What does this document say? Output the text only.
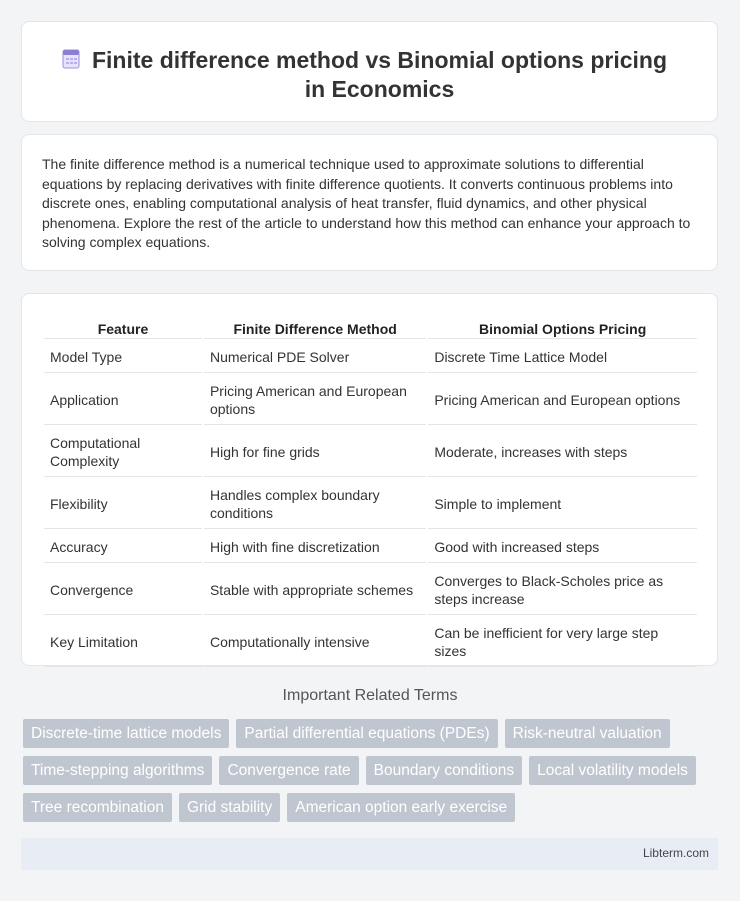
Finite difference method vs Binomial options pricing in Economics

The finite difference method is a numerical technique used to approximate solutions to differential equations by replacing derivatives with finite difference quotients. It converts continuous problems into discrete ones, enabling computational analysis of heat transfer, fluid dynamics, and other physical phenomena. Explore the rest of the article to understand how this method can enhance your approach to solving complex equations.

Feature	Finite Difference Method	Binomial Options Pricing
Model Type	Numerical PDE Solver	Discrete Time Lattice Model
Application	Pricing American and European options	Pricing American and European options
Computational Complexity	High for fine grids	Moderate, increases with steps
Flexibility	Handles complex boundary conditions	Simple to implement
Accuracy	High with fine discretization	Good with increased steps
Convergence	Stable with appropriate schemes	Converges to Black-Scholes price as steps increase
Key Limitation	Computationally intensive	Can be inefficient for very large step sizes
Important Related Terms
Discrete-time lattice models	Partial differential equations (PDEs)	Risk-neutral valuation
Time-stepping algorithms	Convergence rate	Boundary conditions	Local volatility models
Tree recombination	Grid stability	American option early exercise
Libterm.com
